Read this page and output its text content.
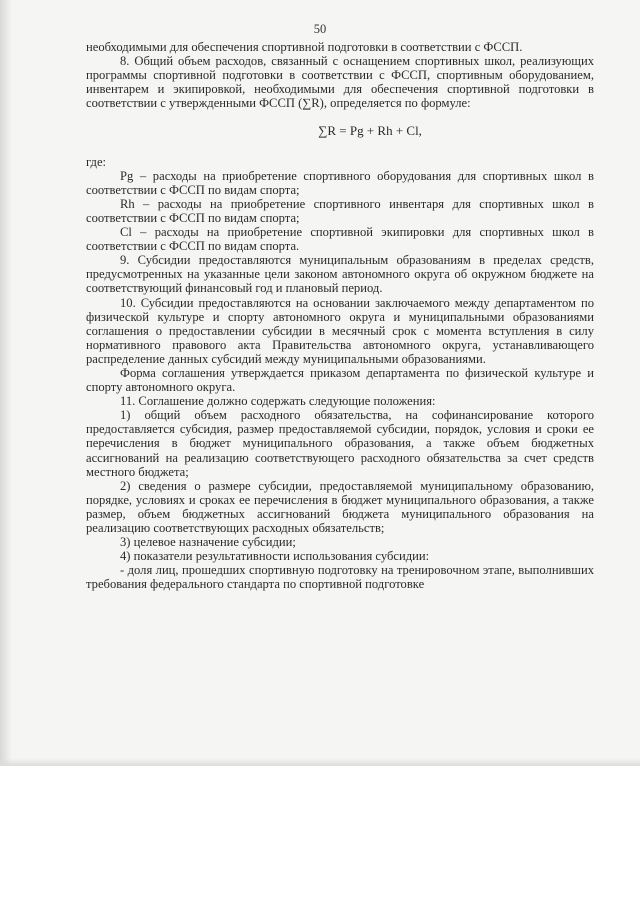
50

необходимыми для обеспечения спортивной подготовки в соответствии с ФССП.

8. Общий объем расходов, связанный с оснащением спортивных школ, реализующих программы спортивной подготовки в соответствии с ФССП, спортивным оборудованием, инвентарем и экипировкой, необходимыми для обеспечения спортивной подготовки в соответствии с утвержденными ФССП (∑R), определяется по формуле:

∑R = Pg + Rh + Cl,

где:

Pg – расходы на приобретение спортивного оборудования для спортивных школ в соответствии с ФССП по видам спорта;

Rh – расходы на приобретение спортивного инвентаря для спортивных школ в соответствии с ФССП по видам спорта;

Cl – расходы на приобретение спортивной экипировки для спортивных школ в соответствии с ФССП по видам спорта.

9. Субсидии предоставляются муниципальным образованиям в пределах средств, предусмотренных на указанные цели законом автономного округа об окружном бюджете на соответствующий финансовый год и плановый период.

10. Субсидии предоставляются на основании заключаемого между департаментом по физической культуре и спорту автономного округа и муниципальными образованиями соглашения о предоставлении субсидии в месячный срок с момента вступления в силу нормативного правового акта Правительства автономного округа, устанавливающего распределение данных субсидий между муниципальными образованиями.

Форма соглашения утверждается приказом департамента по физической культуре и спорту автономного округа.

11. Соглашение должно содержать следующие положения:

1) общий объем расходного обязательства, на софинансирование которого предоставляется субсидия, размер предоставляемой субсидии, порядок, условия и сроки ее перечисления в бюджет муниципального образования, а также объем бюджетных ассигнований на реализацию соответствующего расходного обязательства за счет средств местного бюджета;

2) сведения о размере субсидии, предоставляемой муниципальному образованию, порядке, условиях и сроках ее перечисления в бюджет муниципального образования, а также размер, объем бюджетных ассигнований бюджета муниципального образования на реализацию соответствующих расходных обязательств;

3) целевое назначение субсидии;

4) показатели результативности использования субсидии:

- доля лиц, прошедших спортивную подготовку на тренировочном этапе, выполнивших требования федерального стандарта по спортивной подготовке
